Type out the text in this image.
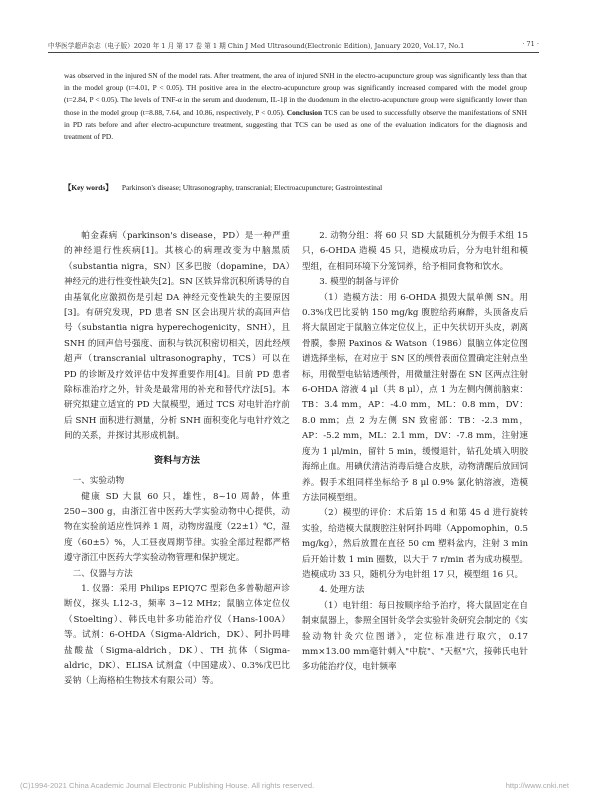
中华医学超声杂志（电子版）2020 年 1 月 第 17 卷 第 1 期 Chin J Med Ultrasound(Electronic Edition), January 2020, Vol.17, No.1	· 71 ·

was observed in the injured SN of the model rats. After treatment, the area of injured SNH in the electro-acupuncture group was significantly less than that in the model group (t=4.01, P < 0.05). TH positive area in the electro-acupuncture group was significantly increased compared with the model group (t=2.84, P < 0.05). The levels of TNF-α in the serum and duodenum, IL-1β in the duodenum in the electro-acupuncture group were significantly lower than those in the model group (t=8.88, 7.64, and 10.86, respectively, P < 0.05). Conclusion TCS can be used to successfully observe the manifestations of SNH in PD rats before and after electro-acupuncture treatment, suggesting that TCS can be used as one of the evaluation indicators for the diagnosis and treatment of PD.

【Key words】 Parkinson's disease; Ultrasonography, transcranial; Electroacupuncture; Gastrointestinal

帕金森病（parkinson's disease，PD）是一种严重的神经退行性疾病[1]。其核心的病理改变为中脑黑质（substantia nigra，SN）区多巴胺（dopamine，DA）神经元的进行性变性缺失[2]。SN 区铁异常沉积所诱导的自由基氧化应激损伤是引起 DA 神经元变性缺失的主要原因[3]。有研究发现，PD 患者 SN 区会出现片状的高回声信号（substantia nigra hyperechogenicity，SNH），且 SNH 的回声信号强度、面积与铁沉积密切相关，因此经颅超声（transcranial ultrasonography，TCS）可以在 PD 的诊断及疗效评估中发挥重要作用[4]。目前 PD 患者除标准治疗之外，针灸是最常用的补充和替代疗法[5]。本研究拟建立适宜的 PD 大鼠模型，通过 TCS 对电针治疗前后 SNH 面积进行测量，分析 SNH 面积变化与电针疗效之间的关系，并探讨其形成机制。

资料与方法

一、实验动物

健康 SD 大鼠 60 只，雄性，8~10 周龄，体重 250~300 g，由浙江省中医药大学实验动物中心提供，动物在实验前适应性饲养 1 周，动物房温度（22±1）℃，湿度（60±5）%，人工昼夜周期节律。实验全部过程都严格遵守浙江中医药大学实验动物管理和保护规定。

二、仪器与方法

1. 仪器：采用 Philips EPIQ7C 型彩色多普勒超声诊断仪，探头 L12-3，频率 3~12 MHz；鼠脑立体定位仪（Stoelting）、韩氏电针多功能治疗仪（Hans-100A）等。试剂：6-OHDA（Sigma-Aldrich，DK）、阿扑吗啡盐酸盐（Sigma-aldrich，DK）、TH 抗体（Sigma-aldric，DK）、ELISA 试剂盒（中国建成）、0.3%戊巴比妥钠（上海格柏生物技术有限公司）等。

2. 动物分组：将 60 只 SD 大鼠随机分为假手术组 15 只，6-OHDA 造模 45 只，造模成功后，分为电针组和模型组，在相同环境下分笼饲养，给予相同食物和饮水。

3. 模型的制备与评价

（1）造模方法：用 6-OHDA 损毁大鼠单侧 SN。用 0.3%戊巴比妥钠 150 mg/kg 腹腔给药麻醉，头顶备皮后将大鼠固定于鼠脑立体定位仪上，正中矢状切开头皮，剥离骨膜，参照 Paxinos & Watson（1986）鼠脑立体定位图谱选择坐标，在对应于 SN 区的颅骨表面位置确定注射点坐标，用微型电钻钻透颅骨，用微量注射器在 SN 区两点注射 6-OHDA 溶液 4 μl（共 8 μl），点 1 为左侧内侧前脑束：TB：3.4 mm，AP：-4.0 mm，ML：0.8 mm，DV：8.0 mm；点 2 为左侧 SN 致密部：TB：-2.3 mm，AP：-5.2 mm，ML：2.1 mm，DV：-7.8 mm，注射速度为 1 μl/min，留针 5 min，缓慢退针，钻孔处填入明胶海绵止血。用碘伏清洁消毒后缝合皮肤，动物清醒后放回饲养。假手术组同样坐标给予 8 μl 0.9% 氯化钠溶液，造模方法同模型组。

（2）模型的评价：术后第 15 d 和第 45 d 进行旋转实验，给造模大鼠腹腔注射阿扑吗啡（Appomophin，0.5 mg/kg），然后放置在直径 50 cm 塑料盆内，注射 3 min 后开始计数 1 min 圈数，以大于 7 r/min 者为成功模型。造模成功 33 只，随机分为电针组 17 只，模型组 16 只。

4. 处理方法

（1）电针组：每日按顺序给予治疗，将大鼠固定在自制束鼠器上，参照全国针灸学会实验针灸研究会制定的《实验动物针灸穴位图谱》，定位标准进行取穴，0.17 mm×13.00 mm毫针刺入"中脘"、"天枢"穴，接韩氏电针多功能治疗仪，电针频率

(C)1994-2021 China Academic Journal Electronic Publishing House. All rights reserved.	http://www.cnki.net
